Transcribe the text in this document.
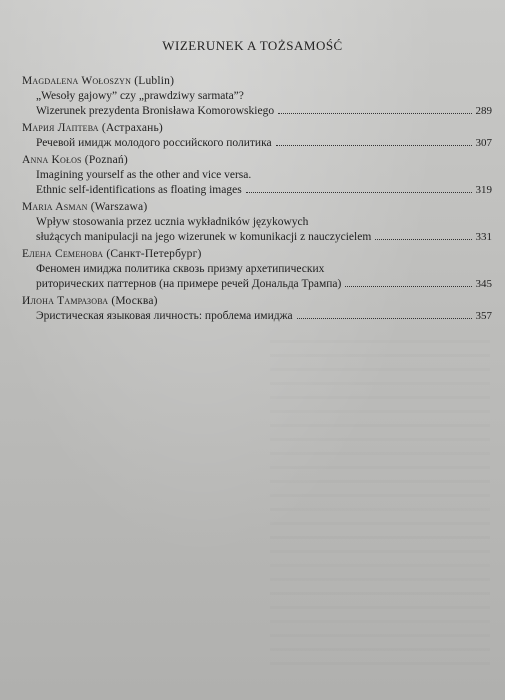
WIZERUNEK A TOŻSAMOŚĆ
Magdalena Wołoszyn (Lublin)
„Wesoły gajowy” czy „prawdziwy sarmata”?
Wizerunek prezydenta Bronisława Komorowskiego	289
Мария Лаптева (Астрахань)
Речевой имидж молодого российского политика	307
Anna Kołos (Poznań)
Imagining yourself as the other and vice versa.
Ethnic self-identifications as floating images	319
Maria Asman (Warszawa)
Wpływ stosowania przez ucznia wykładników językowych
służących manipulacji na jego wizerunek w komunikacji z nauczycielem	331
Елена Семенова (Санкт-Петербург)
Феномен имиджа политика сквозь призму архетипических
риторических паттернов (на примере речей Дональда Трампа)	345
Илона Тамразова (Москва)
Эристическая языковая личность: проблема имиджа	357
